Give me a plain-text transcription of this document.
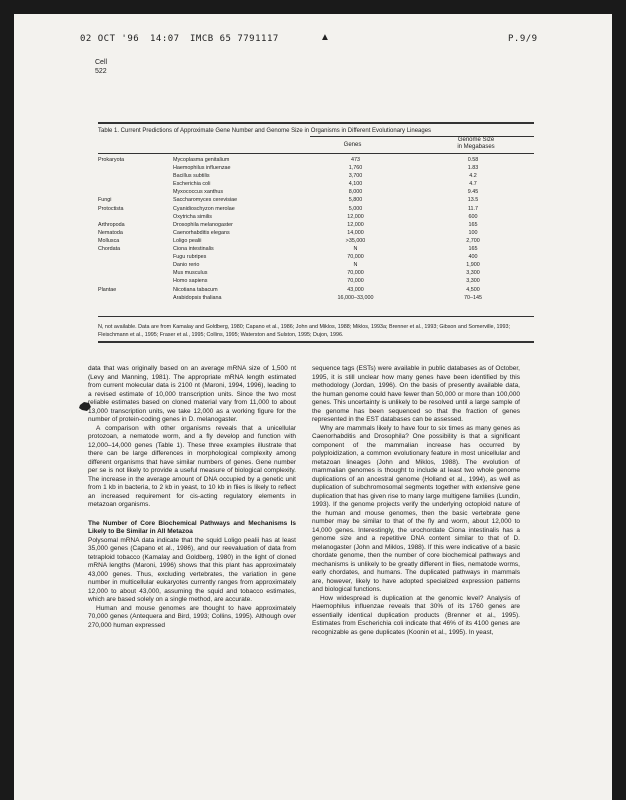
02 OCT '96 14:07 IMCB 65 7791117	P.9/9
▲
Cell
522
Table 1. Current Predictions of Approximate Gene Number and Genome Size in Organisms in Different Evolutionary Lineages
Genes
Genome Size
in Megabases
Prokaryota	Mycoplasma genitalium	473	0.58
	Haemophilus influenzae	1,760	1.83
	Bacillus subtilis	3,700	4.2
	Escherichia coli	4,100	4.7
	Myxococcus xanthus	8,000	9.45
Fungi	Saccharomyces cerevisiae	5,800	13.5
Protoctista	Cyanidioschyzon merolae	5,000	11.7
	Oxytricha similis	12,000	600
Arthropoda	Drosophila melanogaster	12,000	165
Nematoda	Caenorhabditis elegans	14,000	100
Mollusca	Loligo pealii	>35,000	2,700
Chordata	Ciona intestinalis	N	165
	Fugu rubripes	70,000	400
	Danio rerio	N	1,900
	Mus musculus	70,000	3,300
	Homo sapiens	70,000	3,300
Plantae	Nicotiana tabacum	43,000	4,500
	Arabidopsis thaliana	16,000–33,000	70–145
N, not available. Data are from Kamalay and Goldberg, 1980; Capano et al., 1986; John and Miklos, 1988; Miklos, 1993a; Brenner et al., 1993; Gibson and Somerville, 1993; Fleischmann et al., 1995; Fraser et al., 1995; Collins, 1995; Waterston and Sulston, 1995; Dujon, 1996.

data that was originally based on an average mRNA size of 1,500 nt (Levy and Manning, 1981). The appropriate mRNA length estimated from current molecular data is 2100 nt (Maroni, 1994, 1996), leading to a revised estimate of 10,000 transcription units. Since the two most reliable estimates based on cloned material vary from 11,000 to about 13,000 transcription units, we take 12,000 as a working figure for the number of protein-coding genes in D. melanogaster.

A comparison with other organisms reveals that a unicellular protozoan, a nematode worm, and a fly develop and function with 12,000–14,000 genes (Table 1). These three examples illustrate that there can be large differences in morphological complexity among different organisms that have similar numbers of genes. Gene number per se is not likely to provide a useful measure of biological complexity. The increase in the average amount of DNA occupied by a genetic unit from 1 kb in bacteria, to 2 kb in yeast, to 10 kb in flies is likely to reflect an increased requirement for cis-acting regulatory elements in metazoan organisms.

The Number of Core Biochemical Pathways and Mechanisms Is Likely to Be Similar in All Metazoa

Polysomal mRNA data indicate that the squid Loligo pealii has at least 35,000 genes (Capano et al., 1986), and our reevaluation of data from tetraploid tobacco (Kamalay and Goldberg, 1980) in the light of cloned mRNA lengths (Maroni, 1996) shows that this plant has approximately 43,000 genes. Thus, excluding vertebrates, the variation in gene number in multicellular eukaryotes currently ranges from approximately 12,000 to about 43,000, assuming the squid and tobacco estimates, which are based solely on a single method, are accurate.

Human and mouse genomes are thought to have approximately 70,000 genes (Antequera and Bird, 1993; Collins, 1995). Although over 270,000 human expressed

sequence tags (ESTs) were available in public databases as of October, 1995, it is still unclear how many genes have been identified by this methodology (Jordan, 1996). On the basis of presently available data, the human genome could have fewer than 50,000 or more than 100,000 genes. This uncertainty is unlikely to be resolved until a large sample of the genome has been sequenced so that the fraction of genes represented in the EST databases can be assessed.

Why are mammals likely to have four to six times as many genes as Caenorhabditis and Drosophila? One possibility is that a significant component of the mammalian increase has occurred by polyploidization, a common evolutionary feature in most unicellular and metazoan lineages (John and Miklos, 1988). The evolution of mammalian genomes is thought to include at least two whole genome duplications of an ancestral genome (Holland et al., 1994), as well as duplication of subchromosomal segments together with extensive gene duplication that has given rise to many large multigene families (Lundin, 1993). If the genome projects verify the underlying octoploid nature of the human and mouse genomes, then the basic vertebrate gene number may be similar to that of the fly and worm, about 12,000 to 14,000 genes. Interestingly, the urochordate Ciona intestinalis has a genome size and a repetitive DNA content similar to that of D. melanogaster (John and Miklos, 1988). If this were indicative of a basic chordate genome, then the number of core biochemical pathways and mechanisms is unlikely to be greatly different in flies, nematode worms, early chordates, and humans. The duplicated pathways in mammals are, however, likely to have adopted specialized expression patterns and biological functions.

How widespread is duplication at the genomic level? Analysis of Haemophilus influenzae reveals that 30% of its 1760 genes are essentially identical duplication products (Brenner et al., 1995). Estimates from Escherichia coli indicate that 46% of its 4100 genes are recognizable as gene duplicates (Koonin et al., 1995). In yeast,
